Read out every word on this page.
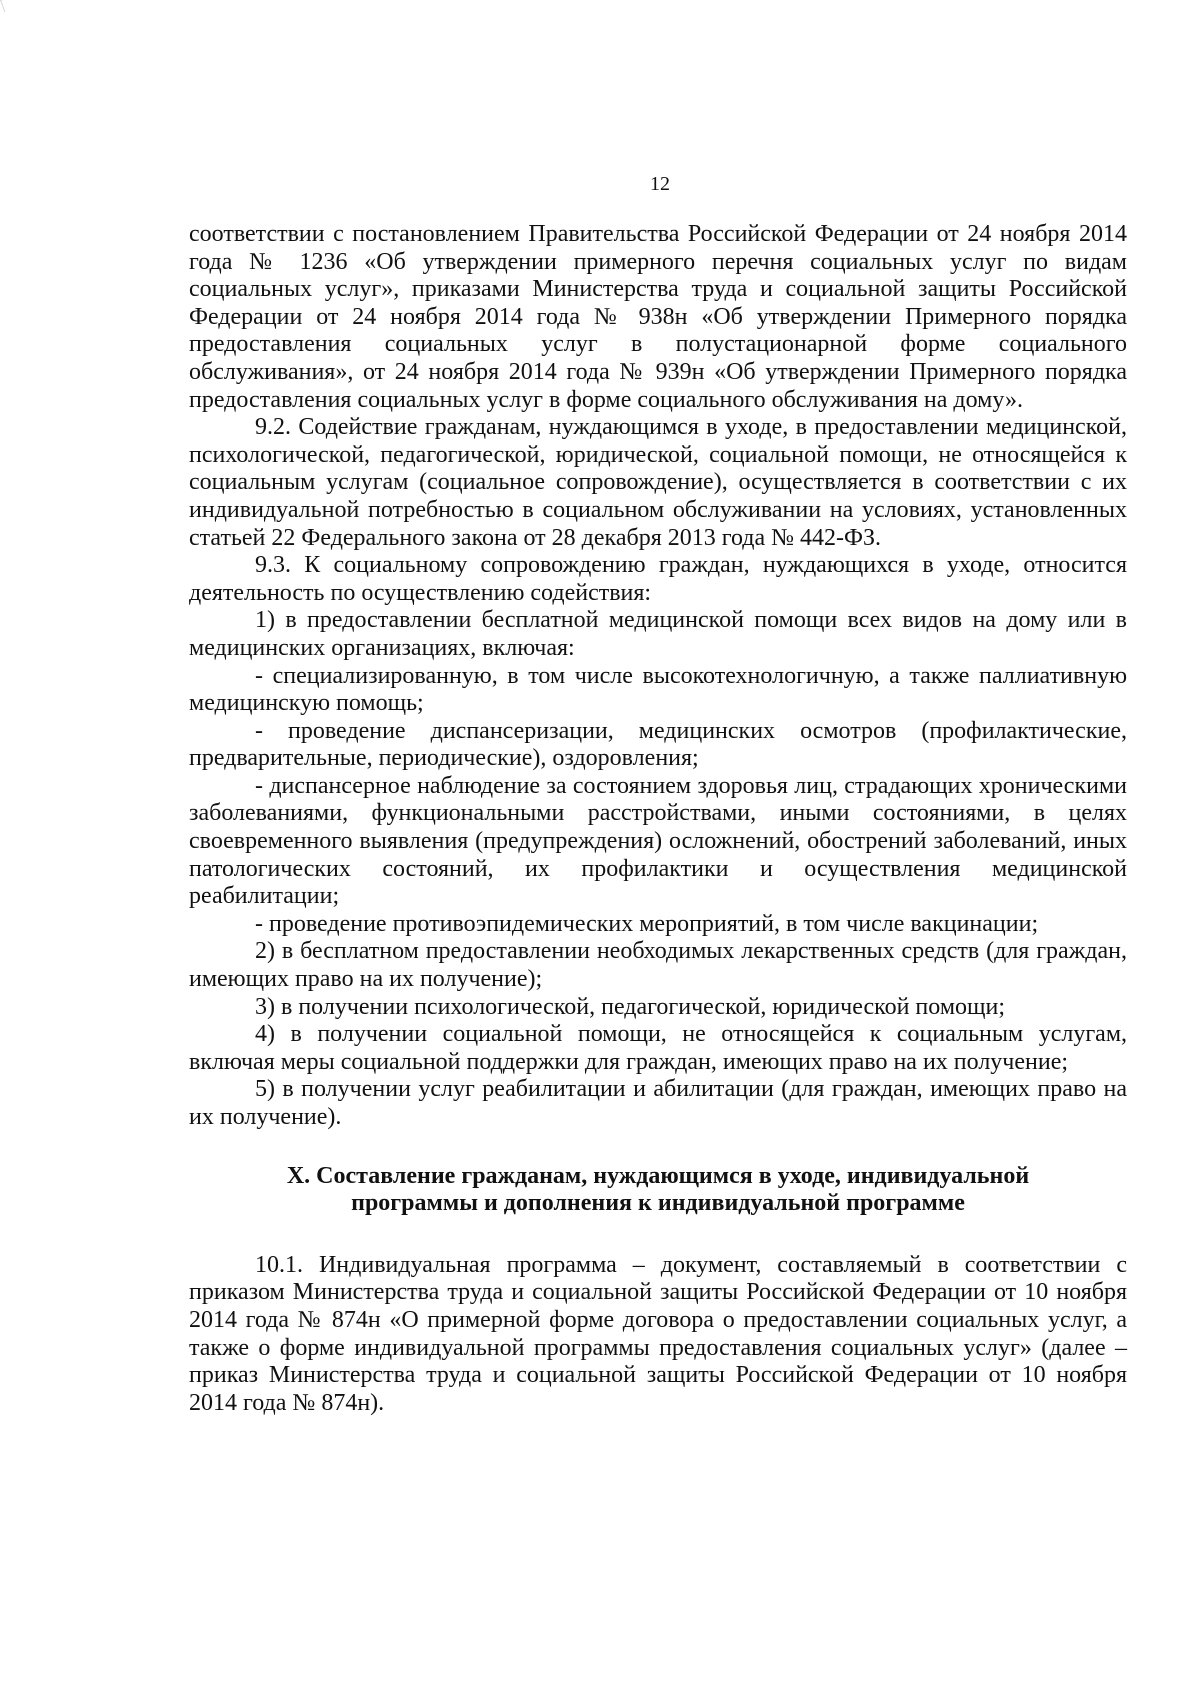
12

соответствии с постановлением Правительства Российской Федерации от 24 ноября 2014 года № 1236 «Об утверждении примерного перечня социальных услуг по видам социальных услуг», приказами Министерства труда и социальной защиты Российской Федерации от 24 ноября 2014 года № 938н «Об утверждении Примерного порядка предоставления социальных услуг в полустационарной форме социального обслуживания», от 24 ноября 2014 года № 939н «Об утверждении Примерного порядка предоставления социальных услуг в форме социального обслуживания на дому».

9.2. Содействие гражданам, нуждающимся в уходе, в предоставлении медицинской, психологической, педагогической, юридической, социальной помощи, не относящейся к социальным услугам (социальное сопровождение), осуществляется в соответствии с их индивидуальной потребностью в социальном обслуживании на условиях, установленных статьей 22 Федерального закона от 28 декабря 2013 года № 442-ФЗ.

9.3. К социальному сопровождению граждан, нуждающихся в уходе, относится деятельность по осуществлению содействия:

1) в предоставлении бесплатной медицинской помощи всех видов на дому или в медицинских организациях, включая:

- специализированную, в том числе высокотехнологичную, а также паллиативную медицинскую помощь;

- проведение диспансеризации, медицинских осмотров (профилактические, предварительные, периодические), оздоровления;

- диспансерное наблюдение за состоянием здоровья лиц, страдающих хроническими заболеваниями, функциональными расстройствами, иными состояниями, в целях своевременного выявления (предупреждения) осложнений, обострений заболеваний, иных патологических состояний, их профилактики и осуществления медицинской реабилитации;

- проведение противоэпидемических мероприятий, в том числе вакцинации;

2) в бесплатном предоставлении необходимых лекарственных средств (для граждан, имеющих право на их получение);

3) в получении психологической, педагогической, юридической помощи;

4) в получении социальной помощи, не относящейся к социальным услугам, включая меры социальной поддержки для граждан, имеющих право на их получение;

5) в получении услуг реабилитации и абилитации (для граждан, имеющих право на их получение).

X. Составление гражданам, нуждающимся в уходе, индивидуальной
программы и дополнения к индивидуальной программе

10.1. Индивидуальная программа – документ, составляемый в соответствии с приказом Министерства труда и социальной защиты Российской Федерации от 10 ноября 2014 года № 874н «О примерной форме договора о предоставлении социальных услуг, а также о форме индивидуальной программы предоставления социальных услуг» (далее – приказ Министерства труда и социальной защиты Российской Федерации от 10 ноября 2014 года № 874н).
